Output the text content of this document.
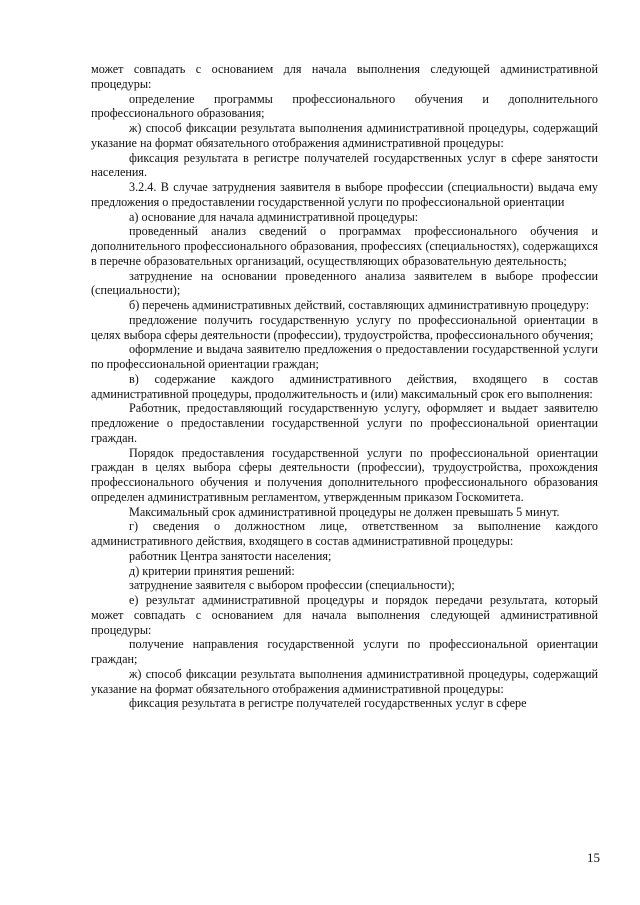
может совпадать с основанием для начала выполнения следующей административной процедуры:

определение программы профессионального обучения и дополнительного профессионального образования;

ж) способ фиксации результата выполнения административной процедуры, содержащий указание на формат обязательного отображения административной процедуры:

фиксация результата в регистре получателей государственных услуг в сфере занятости населения.

3.2.4. В случае затруднения заявителя в выборе профессии (специальности) выдача ему предложения о предоставлении государственной услуги по профессиональной ориентации

а) основание для начала административной процедуры:

проведенный анализ сведений о программах профессионального обучения и дополнительного профессионального образования, профессиях (специальностях), содержащихся в перечне образовательных организаций, осуществляющих образовательную деятельность;

затруднение на основании проведенного анализа заявителем в выборе профессии (специальности);

б) перечень административных действий, составляющих административную процедуру:

предложение получить государственную услугу по профессиональной ориентации в целях выбора сферы деятельности (профессии), трудоустройства, профессионального обучения;

оформление и выдача заявителю предложения о предоставлении государственной услуги по профессиональной ориентации граждан;

в) содержание каждого административного действия, входящего в состав административной процедуры, продолжительность и (или) максимальный срок его выполнения:

Работник, предоставляющий государственную услугу, оформляет и выдает заявителю предложение о предоставлении государственной услуги по профессиональной ориентации граждан.

Порядок предоставления государственной услуги по профессиональной ориентации граждан в целях выбора сферы деятельности (профессии), трудоустройства, прохождения профессионального обучения и получения дополнительного профессионального образования определен административным регламентом, утвержденным приказом Госкомитета.

Максимальный срок административной процедуры не должен превышать 5 минут.

г) сведения о должностном лице, ответственном за выполнение каждого административного действия, входящего в состав административной процедуры:

работник Центра занятости населения;

д) критерии принятия решений:

затруднение заявителя с выбором профессии (специальности);

е) результат административной процедуры и порядок передачи результата, который может совпадать с основанием для начала выполнения следующей административной процедуры:

получение направления государственной услуги по профессиональной ориентации граждан;

ж) способ фиксации результата выполнения административной процедуры, содержащий указание на формат обязательного отображения административной процедуры:

фиксация результата в регистре получателей государственных услуг в сфере

15
